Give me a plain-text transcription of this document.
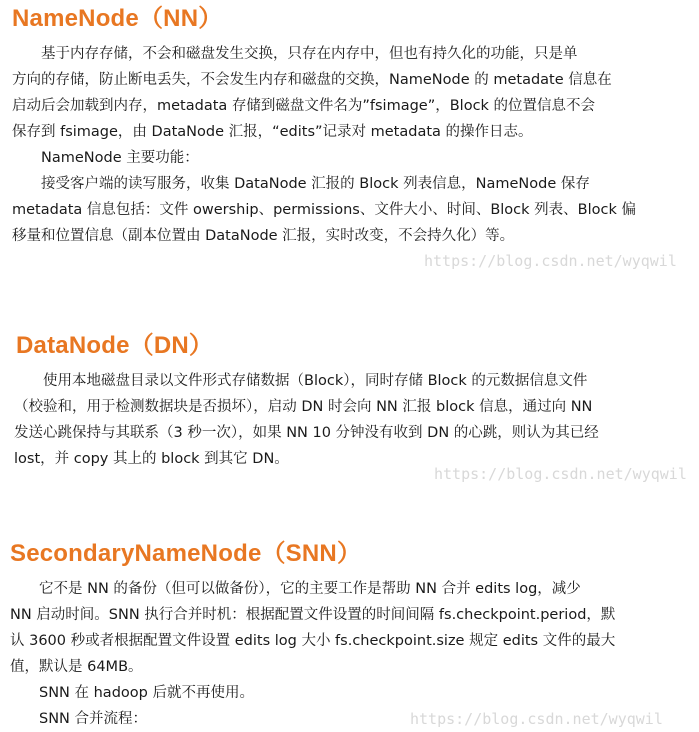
NameNode（NN）
　　基于内存存储，不会和磁盘发生交换，只存在内存中，但也有持久化的功能，只是单
方向的存储，防止断电丢失，不会发生内存和磁盘的交换，NameNode 的 metadate 信息在
启动后会加载到内存，metadata 存储到磁盘文件名为”fsimage”，Block 的位置信息不会
保存到 fsimage，由 DataNode 汇报，“edits”记录对 metadata 的操作日志。
　　NameNode 主要功能：
　　接受客户端的读写服务，收集 DataNode 汇报的 Block 列表信息，NameNode 保存
metadata 信息包括：文件 owership、permissions、文件大小、时间、Block 列表、Block 偏
移量和位置信息（副本位置由 DataNode 汇报，实时改变，不会持久化）等。
https://blog.csdn.net/wyqwil
DataNode（DN）
　　使用本地磁盘目录以文件形式存储数据（Block），同时存储 Block 的元数据信息文件
（校验和，用于检测数据块是否损坏），启动 DN 时会向 NN 汇报 block 信息，通过向 NN
发送心跳保持与其联系（3 秒一次），如果 NN 10 分钟没有收到 DN 的心跳，则认为其已经
lost，并 copy 其上的 block 到其它 DN。
https://blog.csdn.net/wyqwil
SecondaryNameNode（SNN）
　　它不是 NN 的备份（但可以做备份），它的主要工作是帮助 NN 合并 edits log，减少
NN 启动时间。SNN 执行合并时机：根据配置文件设置的时间间隔 fs.checkpoint.period，默
认 3600 秒或者根据配置文件设置 edits log 大小 fs.checkpoint.size 规定 edits 文件的最大
值，默认是 64MB。
　　SNN 在 hadoop 后就不再使用。
　　SNN 合并流程：	https://blog.csdn.net/wyqwil
